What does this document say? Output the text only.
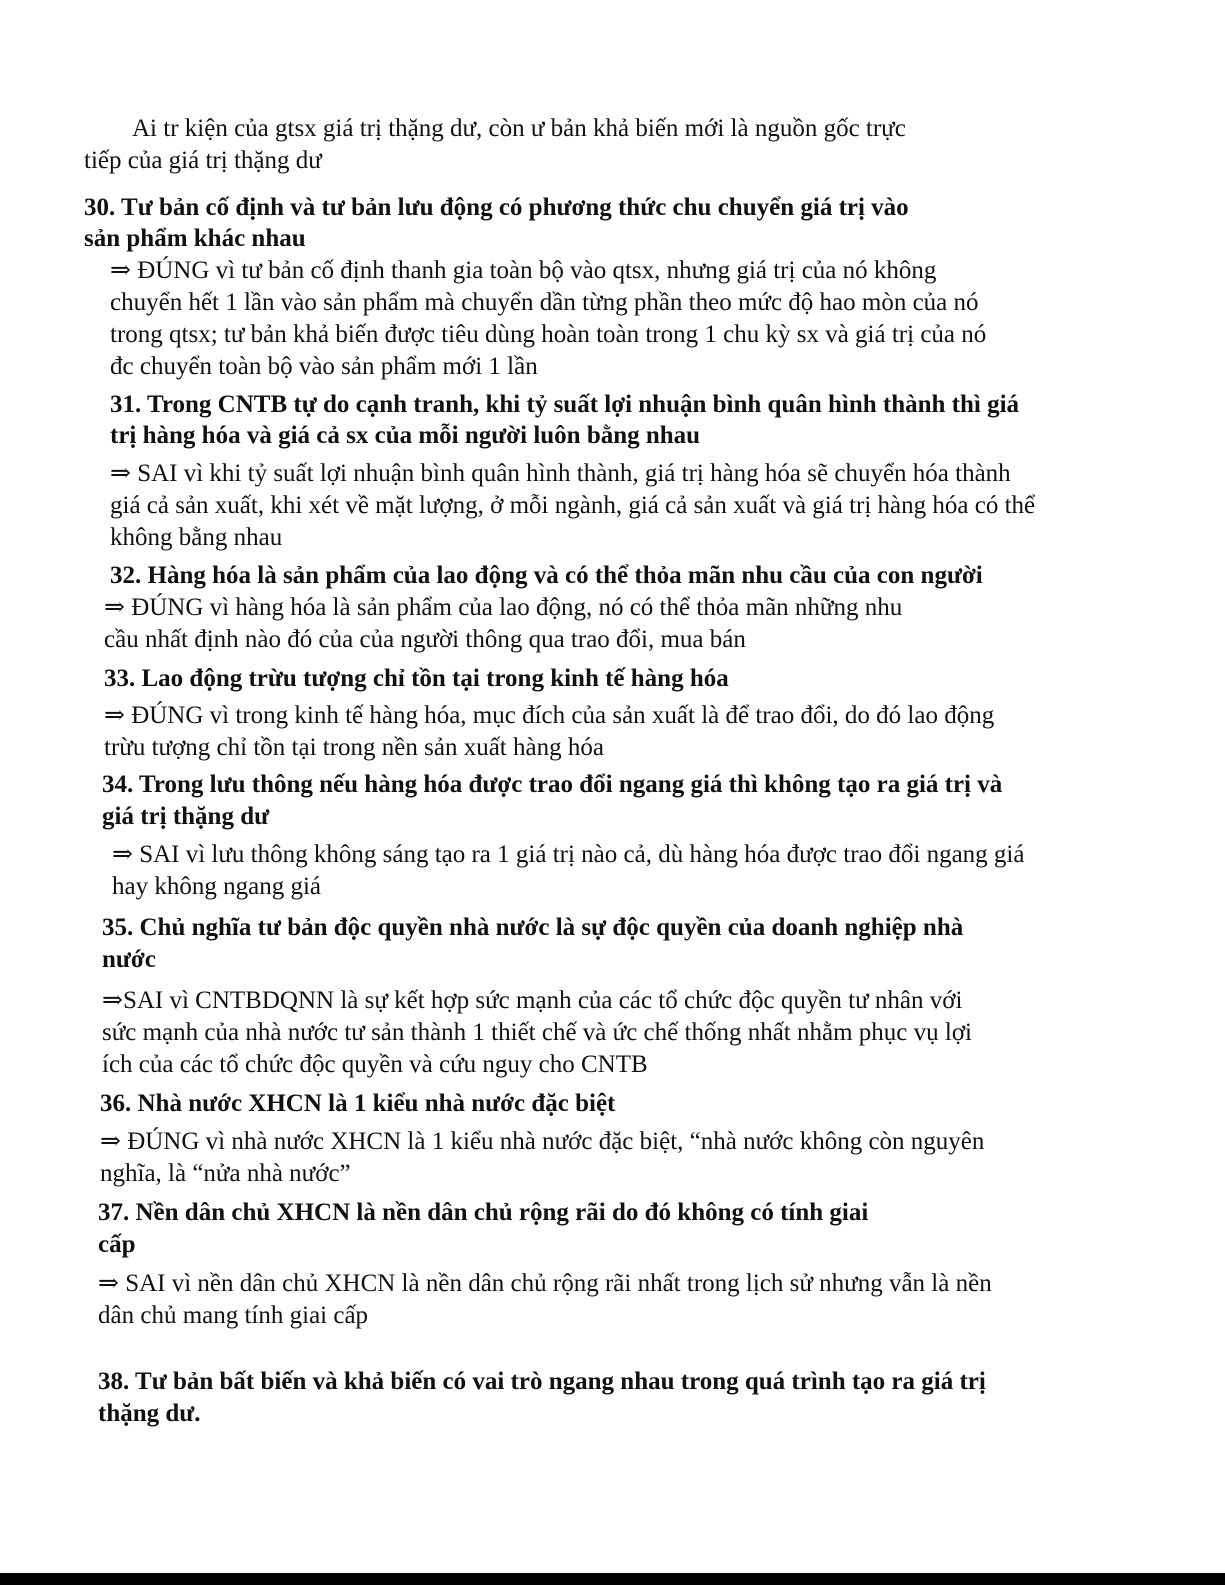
Ai tr kiện của gtsx giá trị thặng dư, còn ư bản khả biến mới là nguồn gốc trực
tiếp của giá trị thặng dư
30. Tư bản cố định và tư bản lưu động có phương thức chu chuyển giá trị vào
sản phẩm khác nhau
⇒ ĐÚNG vì tư bản cố định thanh gia toàn bộ vào qtsx, nhưng giá trị của nó không
chuyển hết 1 lần vào sản phẩm mà chuyển dần từng phần theo mức độ hao mòn của nó
trong qtsx; tư bản khả biến được tiêu dùng hoàn toàn trong 1 chu kỳ sx và giá trị của nó
đc chuyển toàn bộ vào sản phẩm mới 1 lần
31. Trong CNTB tự do cạnh tranh, khi tỷ suất lợi nhuận bình quân hình thành thì giá
trị hàng hóa và giá cả sx của mỗi người luôn bằng nhau
⇒ SAI vì khi tỷ suất lợi nhuận bình quân hình thành, giá trị hàng hóa sẽ chuyển hóa thành
giá cả sản xuất, khi xét về mặt lượng, ở mỗi ngành, giá cả sản xuất và giá trị hàng hóa có thể
không bằng nhau
32. Hàng hóa là sản phẩm của lao động và có thể thỏa mãn nhu cầu của con người
⇒ ĐÚNG vì hàng hóa là sản phẩm của lao động, nó có thể thỏa mãn những nhu
cầu nhất định nào đó của của người thông qua trao đổi, mua bán
33. Lao động trừu tượng chỉ tồn tại trong kinh tế hàng hóa
⇒ ĐÚNG vì trong kinh tế hàng hóa, mục đích của sản xuất là để trao đổi, do đó lao động
trừu tượng chỉ tồn tại trong nền sản xuất hàng hóa
34. Trong lưu thông nếu hàng hóa được trao đổi ngang giá thì không tạo ra giá trị và
giá trị thặng dư
⇒ SAI vì lưu thông không sáng tạo ra 1 giá trị nào cả, dù hàng hóa được trao đổi ngang giá
hay không ngang giá
35. Chủ nghĩa tư bản độc quyền nhà nước là sự độc quyền của doanh nghiệp nhà
nước
⇒SAI vì CNTBDQNN là sự kết hợp sức mạnh của các tổ chức độc quyền tư nhân với
sức mạnh của nhà nước tư sản thành 1 thiết chế và ức chế thống nhất nhằm phục vụ lợi
ích của các tổ chức độc quyền và cứu nguy cho CNTB
36. Nhà nước XHCN là 1 kiểu nhà nước đặc biệt
⇒ ĐÚNG vì nhà nước XHCN là 1 kiểu nhà nước đặc biệt, “nhà nước không còn nguyên
nghĩa, là “nửa nhà nước”
37. Nền dân chủ XHCN là nền dân chủ rộng rãi do đó không có tính giai
cấp
⇒ SAI vì nền dân chủ XHCN là nền dân chủ rộng rãi nhất trong lịch sử nhưng vẫn là nền
dân chủ mang tính giai cấp
38. Tư bản bất biến và khả biến có vai trò ngang nhau trong quá trình tạo ra giá trị
thặng dư.
